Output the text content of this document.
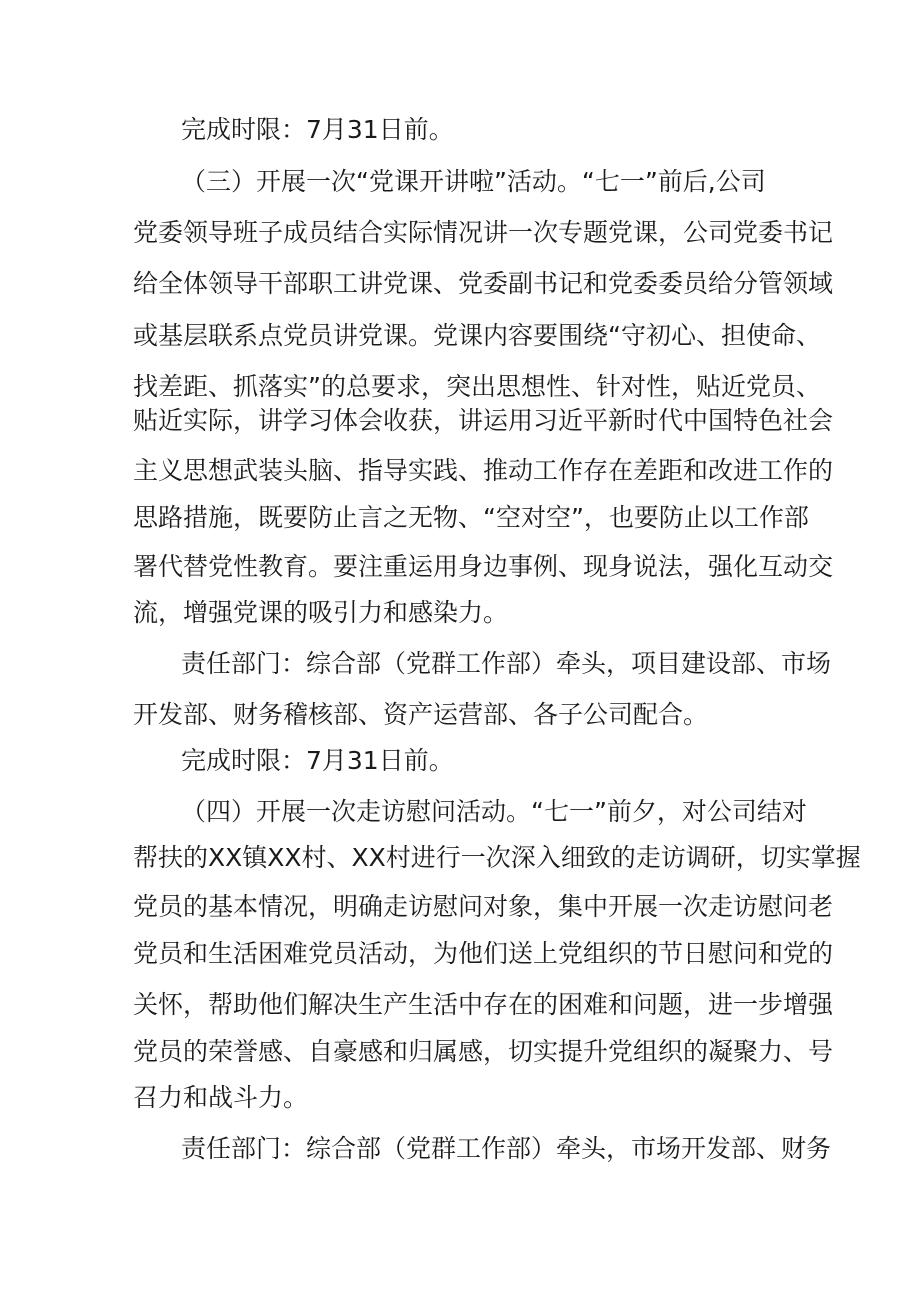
完成时限：7月31日前。
（三）开展一次“党课开讲啦”活动。“七一”前后,公司
党委领导班子成员结合实际情况讲一次专题党课，公司党委书记
给全体领导干部职工讲党课、党委副书记和党委委员给分管领域
或基层联系点党员讲党课。党课内容要围绕“守初心、担使命、
找差距、抓落实”的总要求，突出思想性、针对性，贴近党员、
贴近实际，讲学习体会收获，讲运用习近平新时代中国特色社会
主义思想武装头脑、指导实践、推动工作存在差距和改进工作的
思路措施，既要防止言之无物、“空对空”，也要防止以工作部
署代替党性教育。要注重运用身边事例、现身说法，强化互动交
流，增强党课的吸引力和感染力。
责任部门：综合部（党群工作部）牵头，项目建设部、市场
开发部、财务稽核部、资产运营部、各子公司配合。
完成时限：7月31日前。
（四）开展一次走访慰问活动。“七一”前夕，对公司结对
帮扶的XX镇XX村、XX村进行一次深入细致的走访调研，切实掌握
党员的基本情况，明确走访慰问对象，集中开展一次走访慰问老
党员和生活困难党员活动，为他们送上党组织的节日慰问和党的
关怀，帮助他们解决生产生活中存在的困难和问题，进一步增强
党员的荣誉感、自豪感和归属感，切实提升党组织的凝聚力、号
召力和战斗力。
责任部门：综合部（党群工作部）牵头，市场开发部、财务
